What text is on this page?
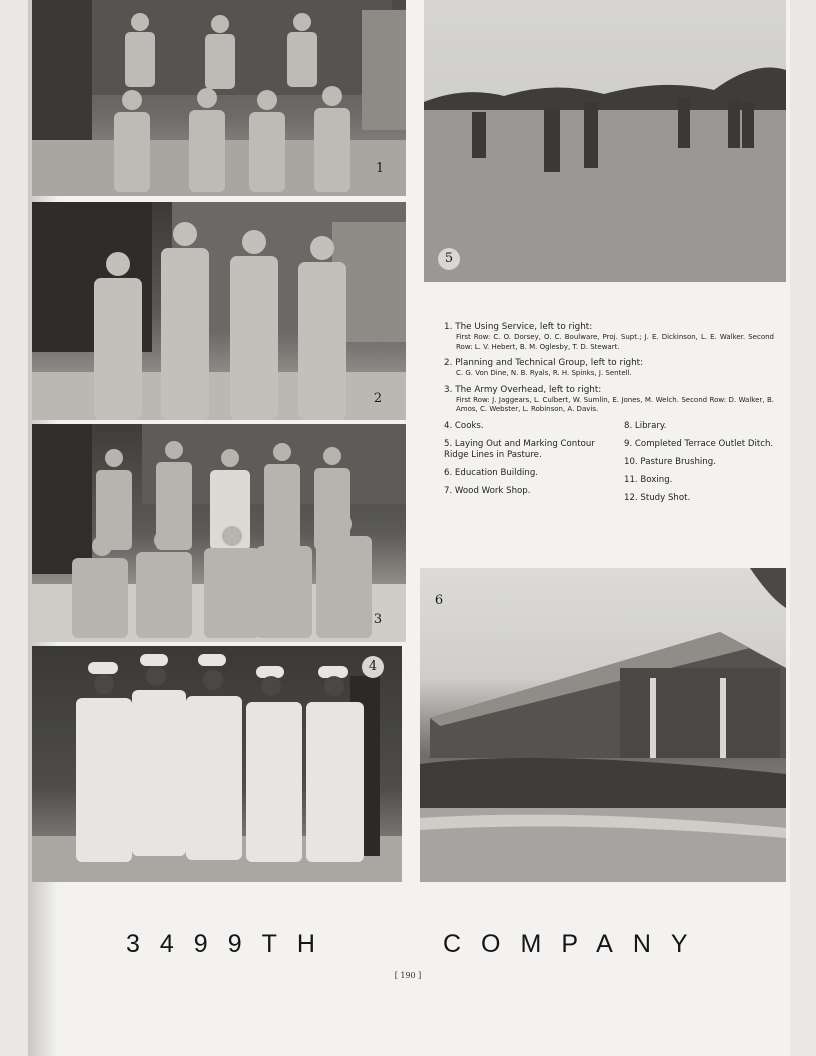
1
2
3
4
5
1. The Using Service, left to right:
First Row: C. O. Dorsey, O. C. Boulware, Proj. Supt.; J. E. Dickinson, L. E. Walker. Second Row: L. V. Hebert, B. M. Oglesby, T. D. Stewart.
2. Planning and Technical Group, left to right:
C. G. Von Dine, N. B. Ryals, R. H. Spinks, J. Sentell.
3. The Army Overhead, left to right:
First Row: J. Jaggears, L. Culbert, W. Sumlin, E. Jones, M. Welch. Second Row: D. Walker, B. Amos, C. Webster, L. Robinson, A. Davis.
4. Cooks.
5. Laying Out and Marking Contour Ridge Lines in Pasture.
6. Education Building.
7. Wood Work Shop.
8. Library.
9. Completed Terrace Outlet Ditch.
10. Pasture Brushing.
11. Boxing.
12. Study Shot.
6
3499TH	COMPANY
[ 190 ]
